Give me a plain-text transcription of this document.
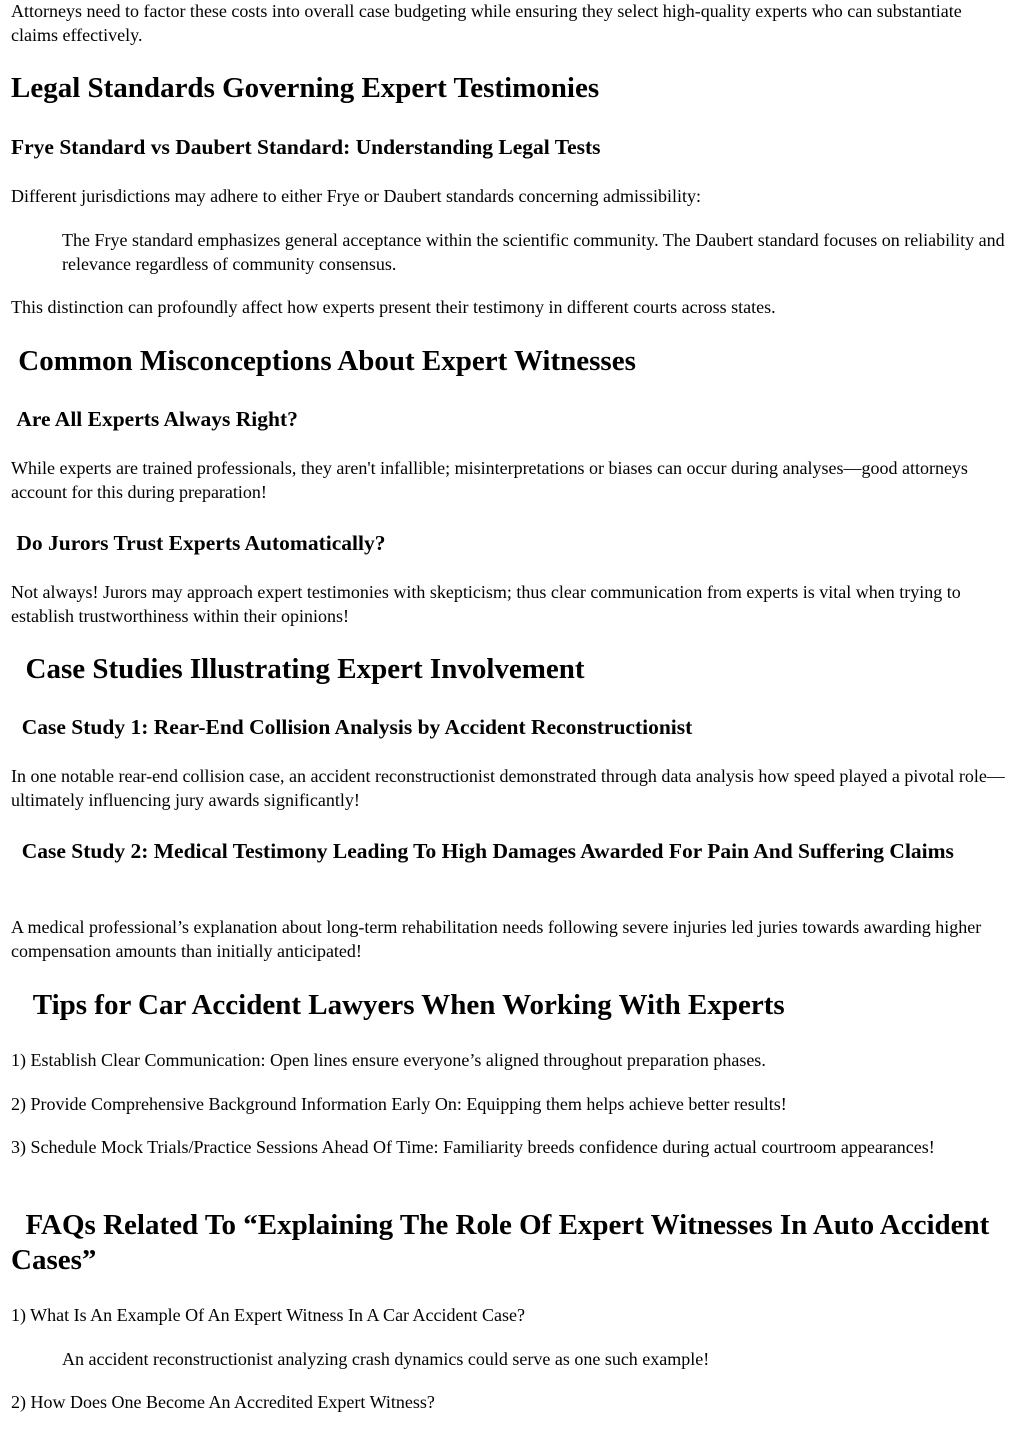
Attorneys need to factor these costs into overall case budgeting while ensuring they select high-quality experts who can substantiate claims effectively.

Legal Standards Governing Expert Testimonies
Frye Standard vs Daubert Standard: Understanding Legal Tests

Different jurisdictions may adhere to either Frye or Daubert standards concerning admissibility:

The Frye standard emphasizes general acceptance within the scientific community. The Daubert standard focuses on reliability and relevance regardless of community consensus.

This distinction can profoundly affect how experts present their testimony in different courts across states.

Common Misconceptions About Expert Witnesses
Are All Experts Always Right?

While experts are trained professionals, they aren't infallible; misinterpretations or biases can occur during analyses—good attorneys account for this during preparation!

Do Jurors Trust Experts Automatically?

Not always! Jurors may approach expert testimonies with skepticism; thus clear communication from experts is vital when trying to establish trustworthiness within their opinions!

Case Studies Illustrating Expert Involvement
Case Study 1: Rear-End Collision Analysis by Accident Reconstructionist

In one notable rear-end collision case, an accident reconstructionist demonstrated through data analysis how speed played a pivotal role—ultimately influencing jury awards significantly!

Case Study 2: Medical Testimony Leading To High Damages Awarded For Pain And Suffering Claims

A medical professional’s explanation about long-term rehabilitation needs following severe injuries led juries towards awarding higher compensation amounts than initially anticipated!

Tips for Car Accident Lawyers When Working With Experts

1) Establish Clear Communication: Open lines ensure everyone’s aligned throughout preparation phases.

2) Provide Comprehensive Background Information Early On: Equipping them helps achieve better results!

3) Schedule Mock Trials/Practice Sessions Ahead Of Time: Familiarity breeds confidence during actual courtroom appearances!

FAQs Related To “Explaining The Role Of Expert Witnesses In Auto Accident Cases”

1) What Is An Example Of An Expert Witness In A Car Accident Case?

An accident reconstructionist analyzing crash dynamics could serve as one such example!

2) How Does One Become An Accredited Expert Witness?
